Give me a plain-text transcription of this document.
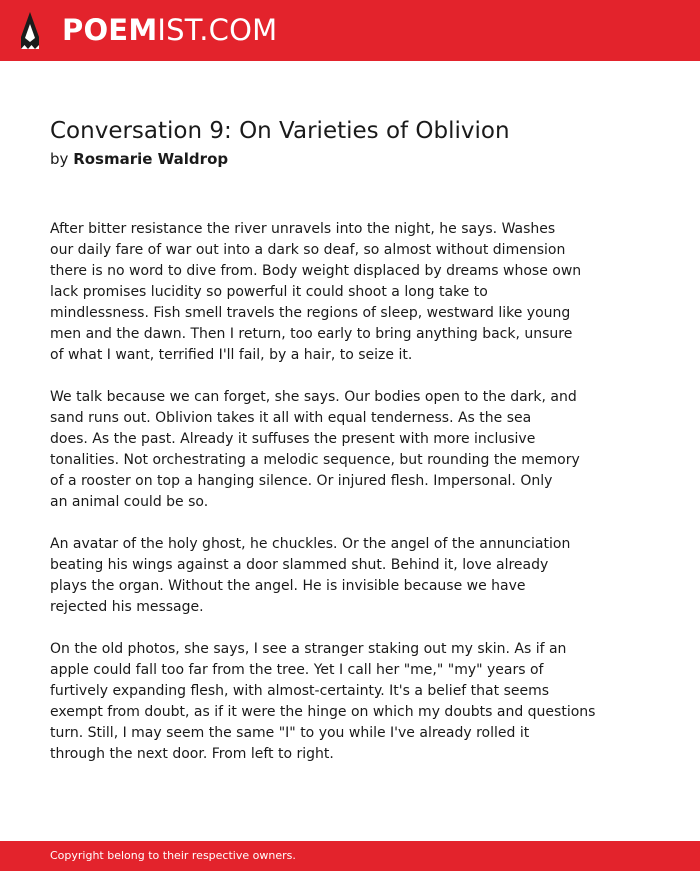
POEMIST.COM
Conversation 9: On Varieties of Oblivion
by Rosmarie Waldrop
After bitter resistance the river unravels into the night, he says. Washes
our daily fare of war out into a dark so deaf, so almost without dimension
there is no word to dive from. Body weight displaced by dreams whose own
lack promises lucidity so powerful it could shoot a long take to
mindlessness. Fish smell travels the regions of sleep, westward like young
men and the dawn. Then I return, too early to bring anything back, unsure
of what I want, terrified I'll fail, by a hair, to seize it.
We talk because we can forget, she says. Our bodies open to the dark, and
sand runs out. Oblivion takes it all with equal tenderness. As the sea
does. As the past. Already it suffuses the present with more inclusive
tonalities. Not orchestrating a melodic sequence, but rounding the memory
of a rooster on top a hanging silence. Or injured flesh. Impersonal. Only
an animal could be so.
An avatar of the holy ghost, he chuckles. Or the angel of the annunciation
beating his wings against a door slammed shut. Behind it, love already
plays the organ. Without the angel. He is invisible because we have
rejected his message.
On the old photos, she says, I see a stranger staking out my skin. As if an
apple could fall too far from the tree. Yet I call her "me," "my" years of
furtively expanding flesh, with almost-certainty. It's a belief that seems
exempt from doubt, as if it were the hinge on which my doubts and questions
turn. Still, I may seem the same "I" to you while I've already rolled it
through the next door. From left to right.
Copyright belong to their respective owners.
